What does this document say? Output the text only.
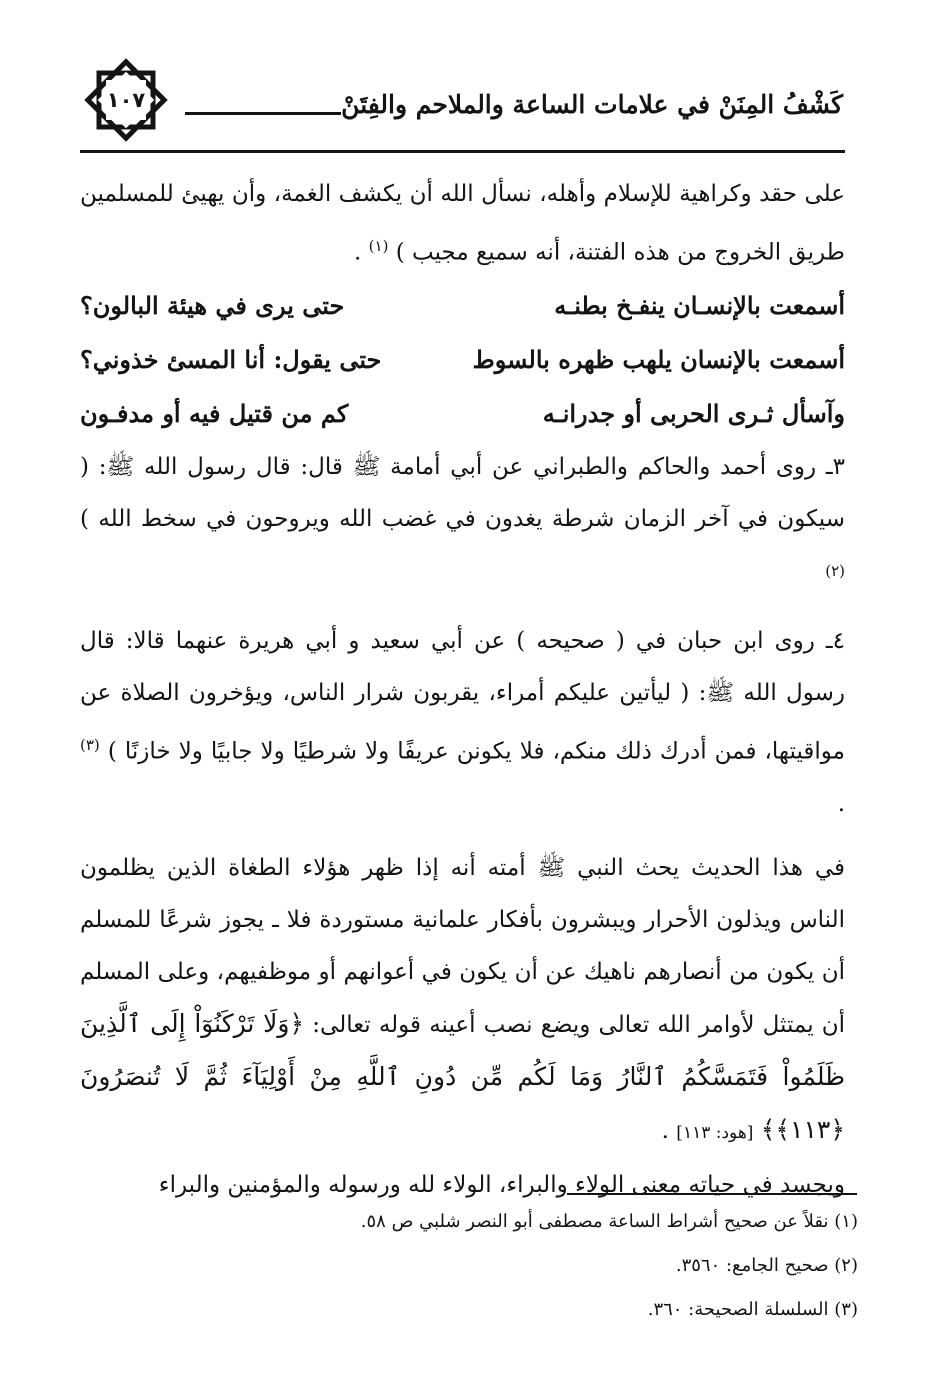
كَشْفُ المِنَنْ في علامات الساعة والملاحم والفِتَنْ
١٠٧

على حقد وكراهية للإسلام وأهله، نسأل الله أن يكشف الغمة، وأن يهيئ للمسلمين طريق الخروج من هذه الفتنة، أنه سميع مجيب ) $^{(١)}$ .

أسمعت بالإنسـان ينفـخ بطنـه
حتى يرى في هيئة البالون؟
أسمعت بالإنسان يلهب ظهره بالسوط
حتى يقول: أنا المسئ خذوني؟
وآسأل ثـرى الحربى أو جدرانـه
كم من قتيل فيه أو مدفـون

٣ـ روى أحمد والحاكم والطبراني عن أبي أمامة ﷺ قال: قال رسول الله ﷺ: ( سيكون في آخر الزمان شرطة يغدون في غضب الله ويروحون في سخط الله ) $^{(٢)}$

٤ـ روى ابن حبان في ( صحيحه ) عن أبي سعيد و أبي هريرة عنهما قالا: قال رسول الله ﷺ: ( ليأتين عليكم أمراء، يقربون شرار الناس، ويؤخرون الصلاة عن مواقيتها، فمن أدرك ذلك منكم، فلا يكونن عريفًا ولا شرطيًا ولا جابيًا ولا خازنًا ) $^{(٣)}$ .

في هذا الحديث يحث النبي ﷺ أمته أنه إذا ظهر هؤلاء الطغاة الذين يظلمون الناس ويذلون الأحرار ويبشرون بأفكار علمانية مستوردة فلا ـ يجوز شرعًا للمسلم أن يكون من أنصارهم ناهيك عن أن يكون في أعوانهم أو موظفيهم، وعلى المسلم أن يمتثل لأوامر الله تعالى ويضع نصب أعينه قوله تعالى: ﴿وَلَا تَرْكَنُوٓاْ إِلَى ٱلَّذِينَ ظَلَمُواْ فَتَمَسَّكُمُ ٱلنَّارُ وَمَا لَكُم مِّن دُونِ ٱللَّهِ مِنْ أَوْلِيَآءَ ثُمَّ لَا تُنصَرُونَ ﴿١١٣﴾﴾ [هود: ١١٣] .

ويجسد في حياته معنى الولاء والبراء، الولاء لله ورسوله والمؤمنين والبراء

(١) نقلاً عن صحيح أشراط الساعة مصطفى أبو النصر شلبي ص ٥٨.

(٢) صحيح الجامع: ٣٥٦٠.

(٣) السلسلة الصحيحة: ٣٦٠.
